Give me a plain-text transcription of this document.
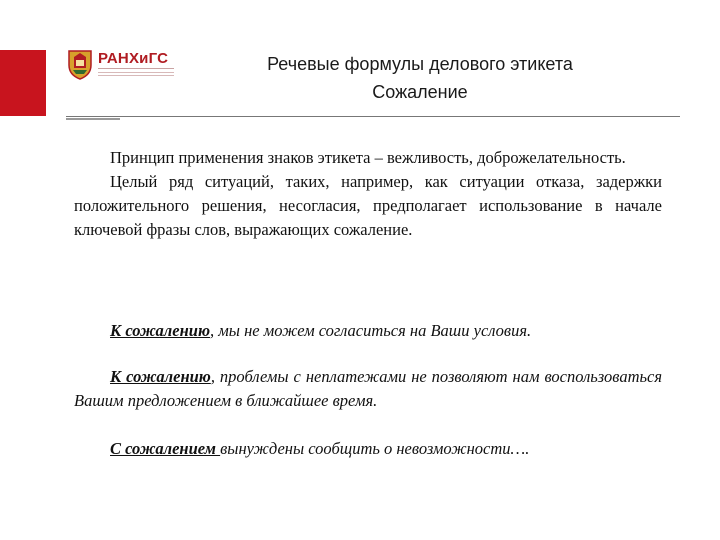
РАНХиГС	Речевые формулы делового этикета
Сожаление

Принцип применения знаков этикета – вежливость, доброжелательность.

Целый ряд ситуаций, таких, например, как ситуации отказа, задержки положительного решения, несогласия, предполагает использование в начале ключевой фразы слов, выражающих сожаление.

К сожалению, мы не можем согласиться на Ваши условия.
К сожалению, проблемы с неплатежами не позволяют нам воспользоваться Вашим предложением в ближайшее время.
С сожалением вынуждены сообщить о невозможности….
